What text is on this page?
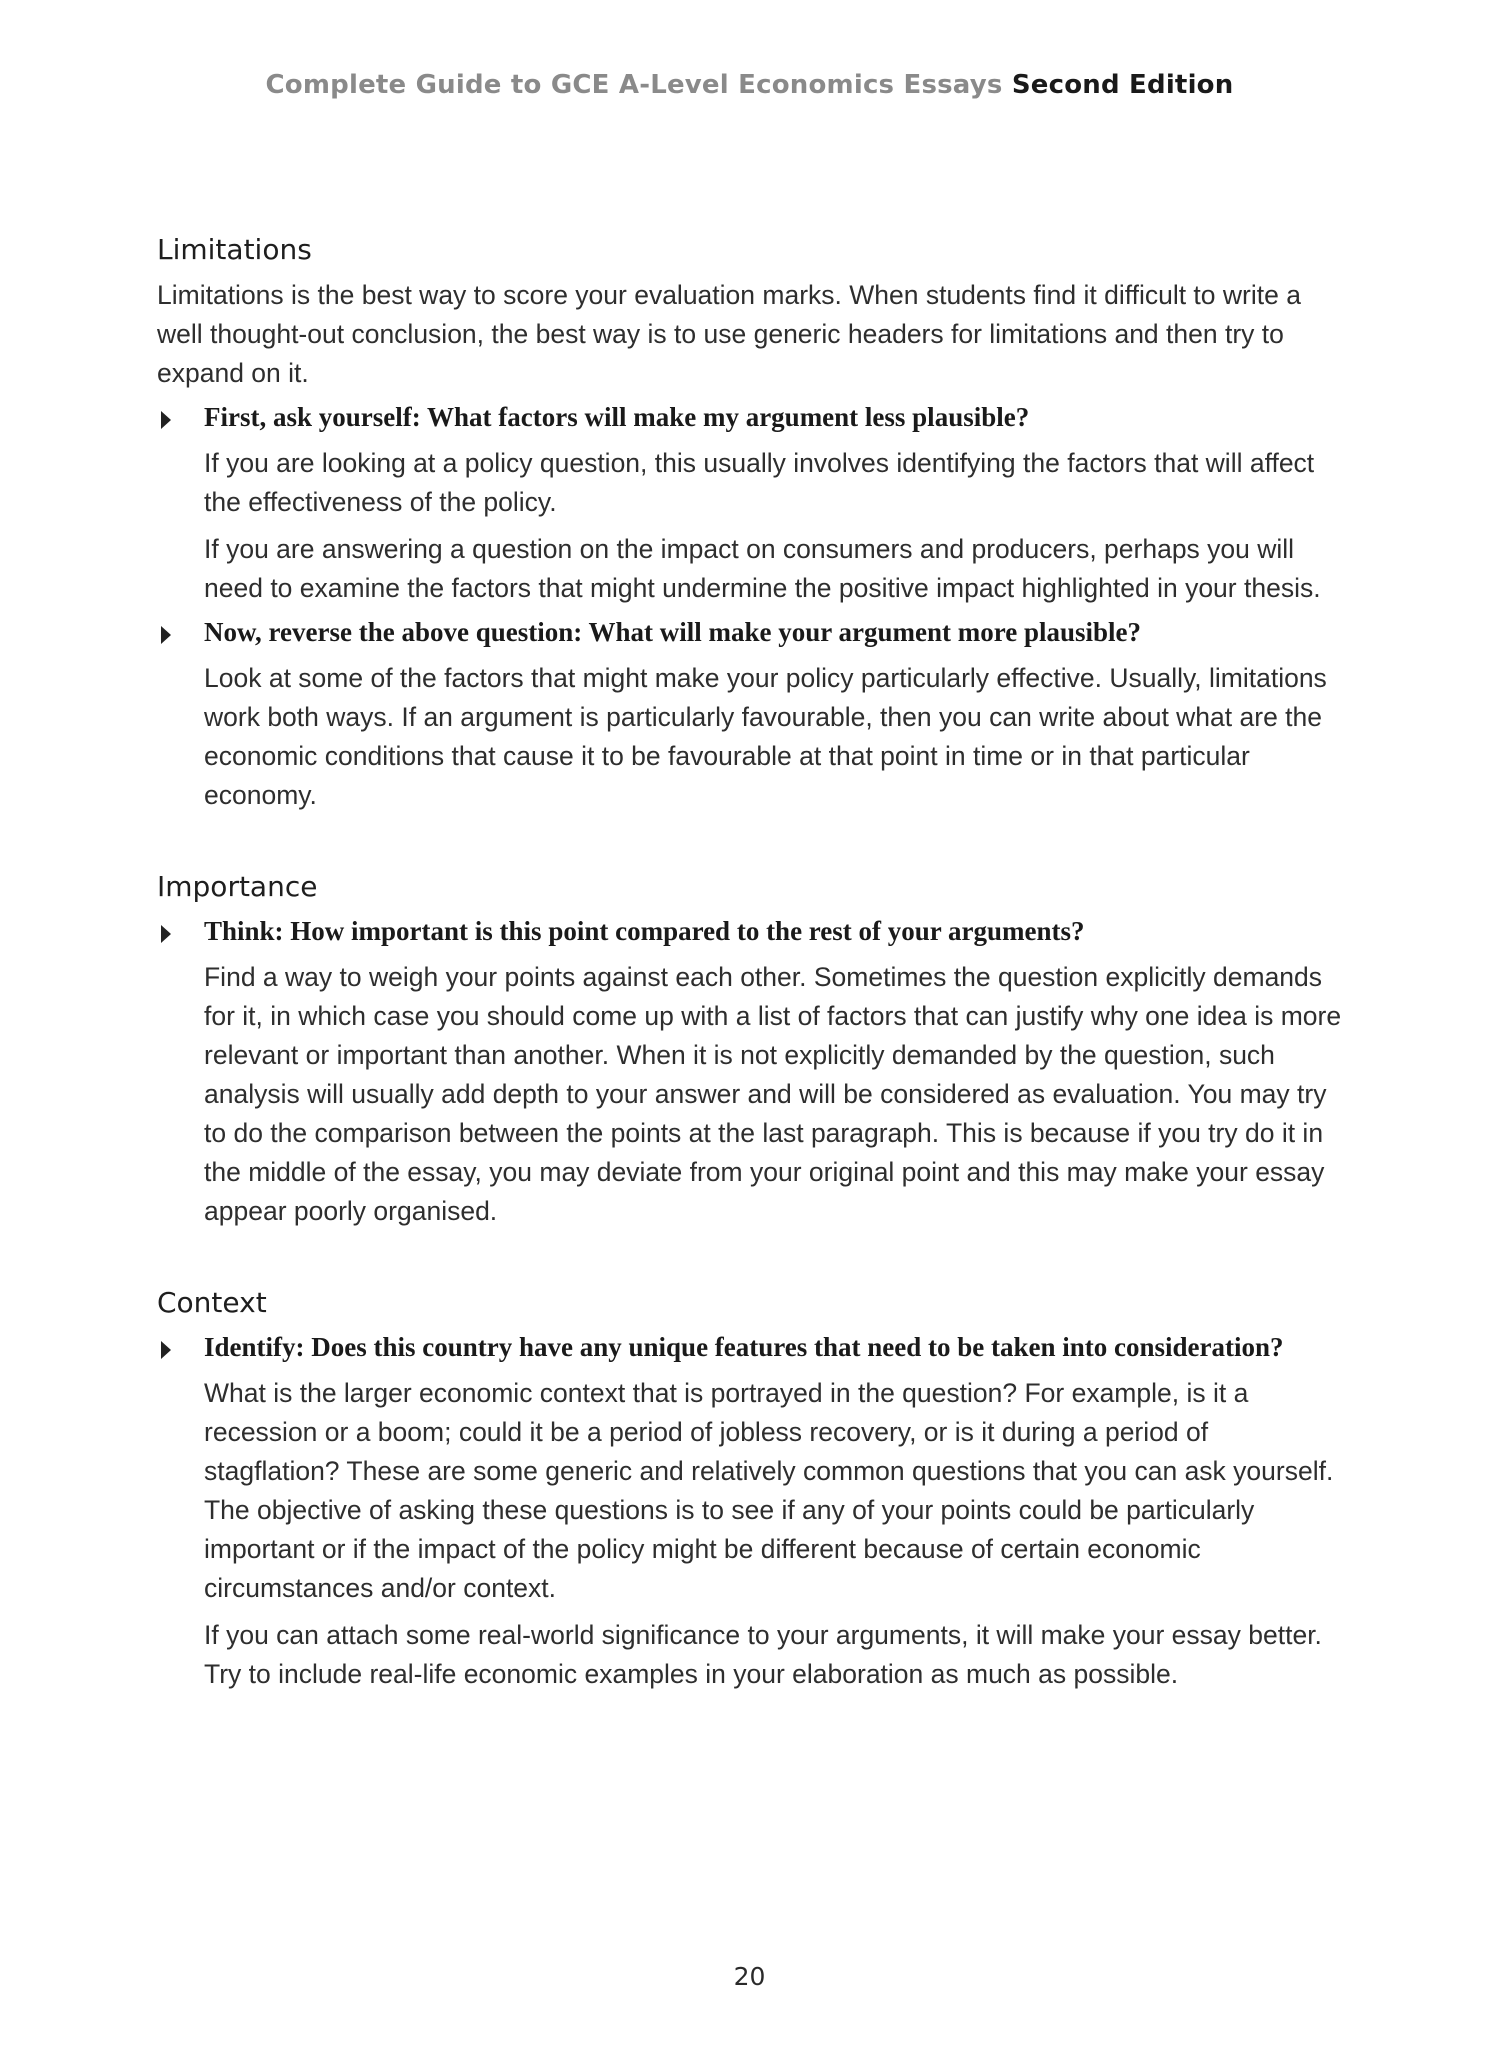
Complete Guide to GCE A-Level Economics Essays Second Edition
Limitations

Limitations is the best way to score your evaluation marks. When students find it difficult to write a well thought-out conclusion, the best way is to use generic headers for limitations and then try to expand on it.

First, ask yourself: What factors will make my argument less plausible?

If you are looking at a policy question, this usually involves identifying the factors that will affect the effectiveness of the policy.

If you are answering a question on the impact on consumers and producers, perhaps you will need to examine the factors that might undermine the positive impact highlighted in your thesis.

Now, reverse the above question: What will make your argument more plausible?

Look at some of the factors that might make your policy particularly effective. Usually, limitations work both ways. If an argument is particularly favourable, then you can write about what are the economic conditions that cause it to be favourable at that point in time or in that particular economy.

Importance
Think: How important is this point compared to the rest of your arguments?

Find a way to weigh your points against each other. Sometimes the question explicitly demands for it, in which case you should come up with a list of factors that can justify why one idea is more relevant or important than another. When it is not explicitly demanded by the question, such analysis will usually add depth to your answer and will be considered as evaluation. You may try to do the comparison between the points at the last paragraph. This is because if you try do it in the middle of the essay, you may deviate from your original point and this may make your essay appear poorly organised.

Context
Identify: Does this country have any unique features that need to be taken into consideration?

What is the larger economic context that is portrayed in the question? For example, is it a recession or a boom; could it be a period of jobless recovery, or is it during a period of stagflation? These are some generic and relatively common questions that you can ask yourself. The objective of asking these questions is to see if any of your points could be particularly important or if the impact of the policy might be different because of certain economic circumstances and/or context.

If you can attach some real-world significance to your arguments, it will make your essay better. Try to include real-life economic examples in your elaboration as much as possible.

20
